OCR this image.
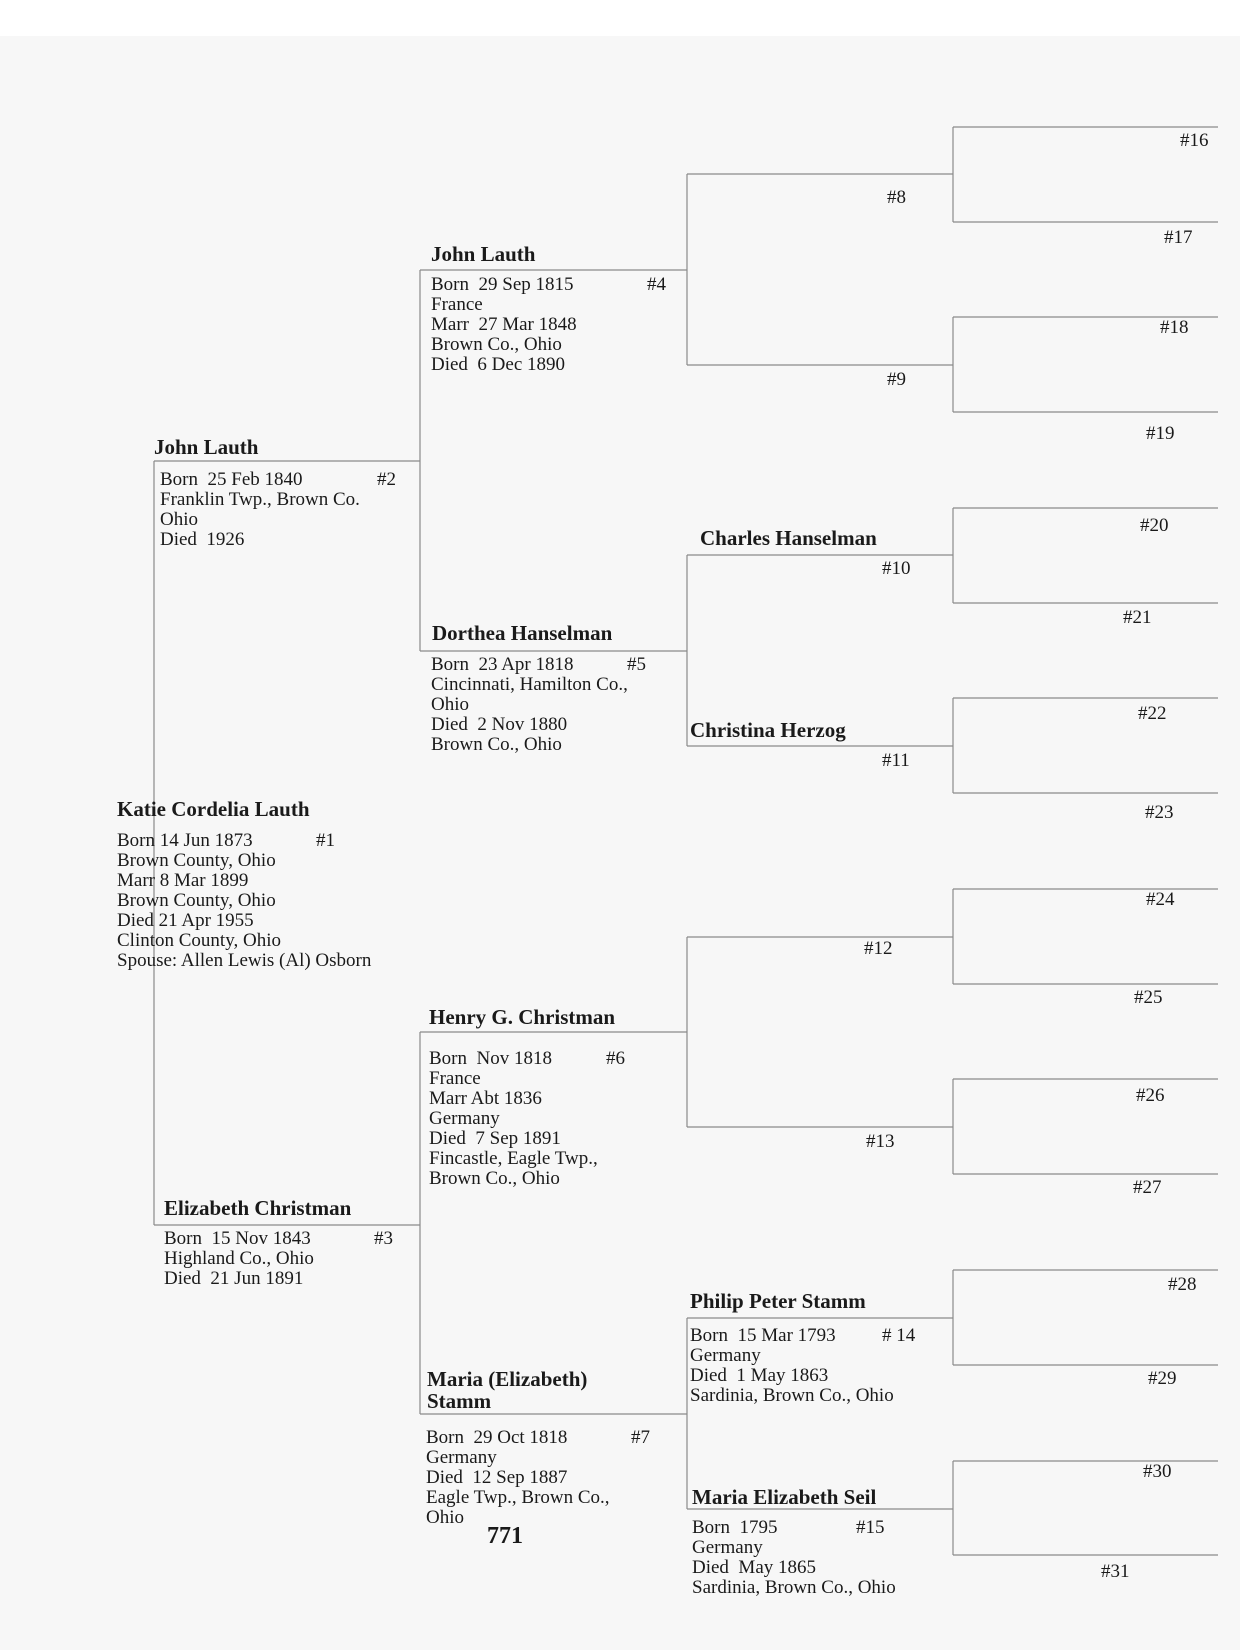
Katie Cordelia Lauth
#1
Born 14 Jun 1873
Brown County, Ohio
Marr 8 Mar 1899
Brown County, Ohio
Died 21 Apr 1955
Clinton County, Ohio
Spouse: Allen Lewis (Al) Osborn
John Lauth
#2
Born  25 Feb 1840
Franklin Twp., Brown Co.
Ohio
Died  1926
Elizabeth Christman
#3
Born  15 Nov 1843
Highland Co., Ohio
Died  21 Jun 1891
John Lauth
#4
Born  29 Sep 1815
France
Marr  27 Mar 1848
Brown Co., Ohio
Died  6 Dec 1890
Dorthea Hanselman
#5
Born  23 Apr 1818
Cincinnati, Hamilton Co.,
Ohio
Died  2 Nov 1880
Brown Co., Ohio
Henry G. Christman
#6
Born  Nov 1818
France
Marr Abt 1836
Germany
Died  7 Sep 1891
Fincastle, Eagle Twp.,
Brown Co., Ohio
Maria (Elizabeth)
Stamm
#7
Born  29 Oct 1818
Germany
Died  12 Sep 1887
Eagle Twp., Brown Co.,
Ohio
#8
#9
Charles Hanselman
#10
Christina Herzog
#11
#12
#13
Philip Peter Stamm
# 14
Born  15 Mar 1793
Germany
Died  1 May 1863
Sardinia, Brown Co., Ohio
Maria Elizabeth Seil
#15
Born  1795
Germany
Died  May 1865
Sardinia, Brown Co., Ohio
#16
#17
#18
#19
#20
#21
#22
#23
#24
#25
#26
#27
#28
#29
#30
#31
771
